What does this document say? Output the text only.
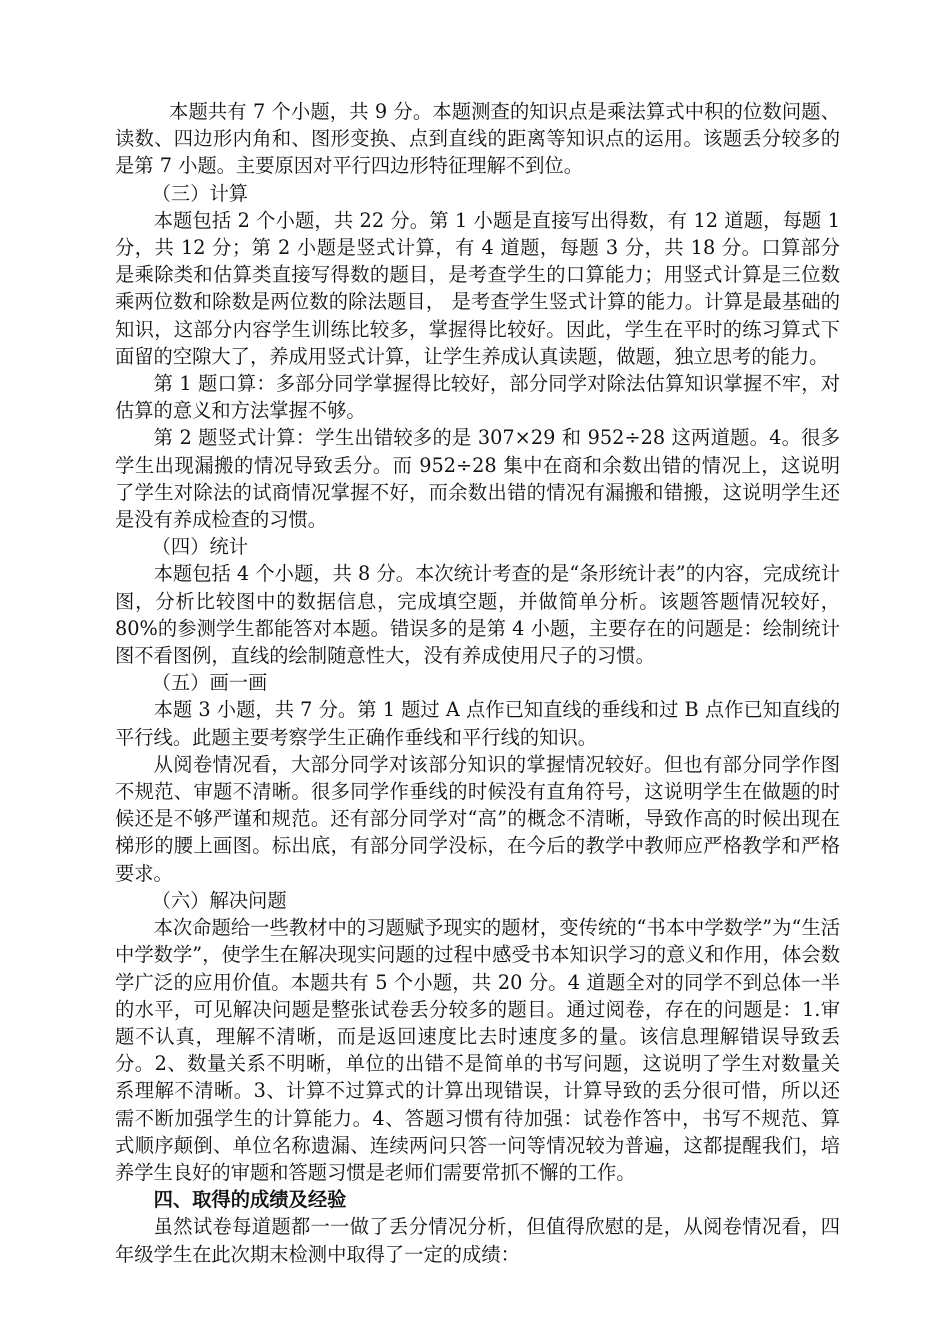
本题共有 7 个小题，共 9 分。本题测查的知识点是乘法算式中积的位数问题、读数、四边形内角和、图形变换、点到直线的距离等知识点的运用。该题丢分较多的是第 7 小题。主要原因对平行四边形特征理解不到位。

（三）计算

本题包括 2 个小题，共 22 分。第 1 小题是直接写出得数，有 12 道题，每题 1 分，共 12 分；第 2 小题是竖式计算，有 4 道题，每题 3 分，共 18 分。口算部分是乘除类和估算类直接写得数的题目，是考查学生的口算能力；用竖式计算是三位数乘两位数和除数是两位数的除法题目， 是考查学生竖式计算的能力。计算是最基础的知识，这部分内容学生训练比较多，掌握得比较好。因此，学生在平时的练习算式下面留的空隙大了，养成用竖式计算，让学生养成认真读题，做题，独立思考的能力。

第 1 题口算：多部分同学掌握得比较好，部分同学对除法估算知识掌握不牢，对估算的意义和方法掌握不够。

第 2 题竖式计算：学生出错较多的是 307×29 和 952÷28 这两道题。4。很多学生出现漏搬的情况导致丢分。而 952÷28 集中在商和余数出错的情况上，这说明了学生对除法的试商情况掌握不好，而余数出错的情况有漏搬和错搬，这说明学生还是没有养成检查的习惯。

（四）统计

本题包括 4 个小题，共 8 分。本次统计考查的是“条形统计表”的内容，完成统计图，分析比较图中的数据信息，完成填空题，并做简单分析。该题答题情况较好，80%的参测学生都能答对本题。错误多的是第 4 小题，主要存在的问题是：绘制统计图不看图例，直线的绘制随意性大，没有养成使用尺子的习惯。

（五）画一画

本题 3 小题，共 7 分。第 1 题过 A 点作已知直线的垂线和过 B 点作已知直线的平行线。此题主要考察学生正确作垂线和平行线的知识。

从阅卷情况看，大部分同学对该部分知识的掌握情况较好。但也有部分同学作图不规范、审题不清晰。很多同学作垂线的时候没有直角符号，这说明学生在做题的时候还是不够严谨和规范。还有部分同学对“高”的概念不清晰，导致作高的时候出现在梯形的腰上画图。标出底，有部分同学没标，在今后的教学中教师应严格教学和严格要求。

（六）解决问题

本次命题给一些教材中的习题赋予现实的题材，变传统的“书本中学数学”为“生活中学数学”，使学生在解决现实问题的过程中感受书本知识学习的意义和作用，体会数学广泛的应用价值。本题共有 5 个小题，共 20 分。4 道题全对的同学不到总体一半的水平，可见解决问题是整张试卷丢分较多的题目。通过阅卷，存在的问题是：1.审题不认真，理解不清晰，而是返回速度比去时速度多的量。该信息理解错误导致丢分。2、数量关系不明晰，单位的出错不是简单的书写问题，这说明了学生对数量关系理解不清晰。3、计算不过算式的计算出现错误，计算导致的丢分很可惜，所以还需不断加强学生的计算能力。4、答题习惯有待加强：试卷作答中，书写不规范、算式顺序颠倒、单位名称遗漏、连续两问只答一问等情况较为普遍，这都提醒我们，培养学生良好的审题和答题习惯是老师们需要常抓不懈的工作。

四、取得的成绩及经验

虽然试卷每道题都一一做了丢分情况分析，但值得欣慰的是，从阅卷情况看，四年级学生在此次期末检测中取得了一定的成绩：
